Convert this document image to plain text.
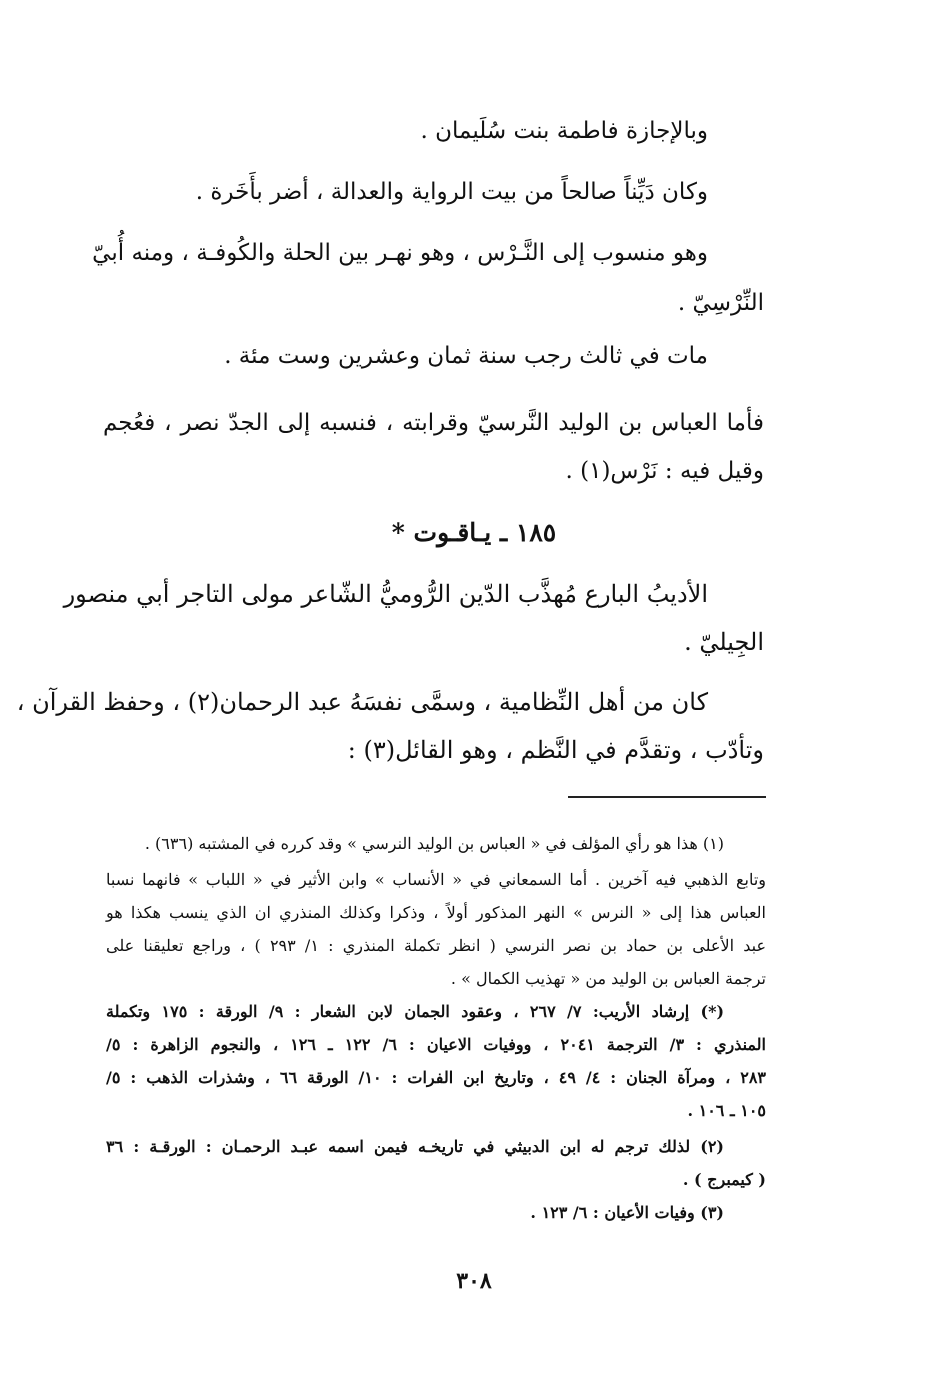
وبالإجازة فاطمة بنت سُلَيمان .
وكان دَيِّناً صالحاً من بيت الرواية والعدالة ، أضر بأَخَرة .
وهو منسوب إلى النَّـرْس ، وهو نهـر بين الحلة والكُوفـة ، ومنه أُبيّ
النِّرْسِيّ .
مات في ثالث رجب سنة ثمان وعشرين وست مئة .
فأما العباس بن الوليد النَّرسيّ وقرابته ، فنسبه إلى الجدّ نصر ، فعُجم
وقيل فيه : نَرْس(١) .
١٨٥ ـ يـاقـوت *
الأديبُ البارع مُهذَّب الدّين الرُّوميُّ الشّاعر مولى التاجر أبي منصور
الجِيليّ .
كان من أهل النِّظامية ، وسمَّى نفسَهُ عبد الرحمان(٢) ، وحفظ القرآن ،
وتأدّب ، وتقدَّم في النَّظم ، وهو القائل(٣) :
(١) هذا هو رأي المؤلف في « العباس بن الوليد النرسي » وقد كرره في المشتبه (٦٣٦) .
وتابع الذهبي فيه آخرين . أما السمعاني في « الأنساب » وابن الأثير في « اللباب » فانهما نسبا
العباس هذا إلى « النرس » النهر المذكور أولاً ، وذكرا وكذلك المنذري ان الذي ينسب هكذا هو
عبد الأعلى بن حماد بن نصر النرسي ( انظر تكملة المنذري : ١/ ٢٩٣ ) ، وراجع تعليقنا على
ترجمة العباس بن الوليد من « تهذيب الكمال » .
(*) إرشاد الأريب: ٧/ ٢٦٧ ، وعقود الجمان لابن الشعار : ٩/ الورقة : ١٧٥ وتكملة
المنذري : ٣/ الترجمة ٢٠٤١ ، ووفيات الاعيان : ٦/ ١٢٢ ـ ١٢٦ ، والنجوم الزاهرة : ٥/
٢٨٣ ، ومرآة الجنان : ٤/ ٤٩ ، وتاريخ ابن الفرات : ١٠/ الورقة ٦٦ ، وشذرات الذهب : ٥/
١٠٥ ـ ١٠٦ .
(٢) لذلك ترجم له ابن الدبيثي في تاريخـه فيمن اسمه عبـد الرحمـان : الورقـة : ٣٦
( كيمبرج ) .
(٣) وفيات الأعيان : ٦/ ١٢٣ .
٣٠٨
